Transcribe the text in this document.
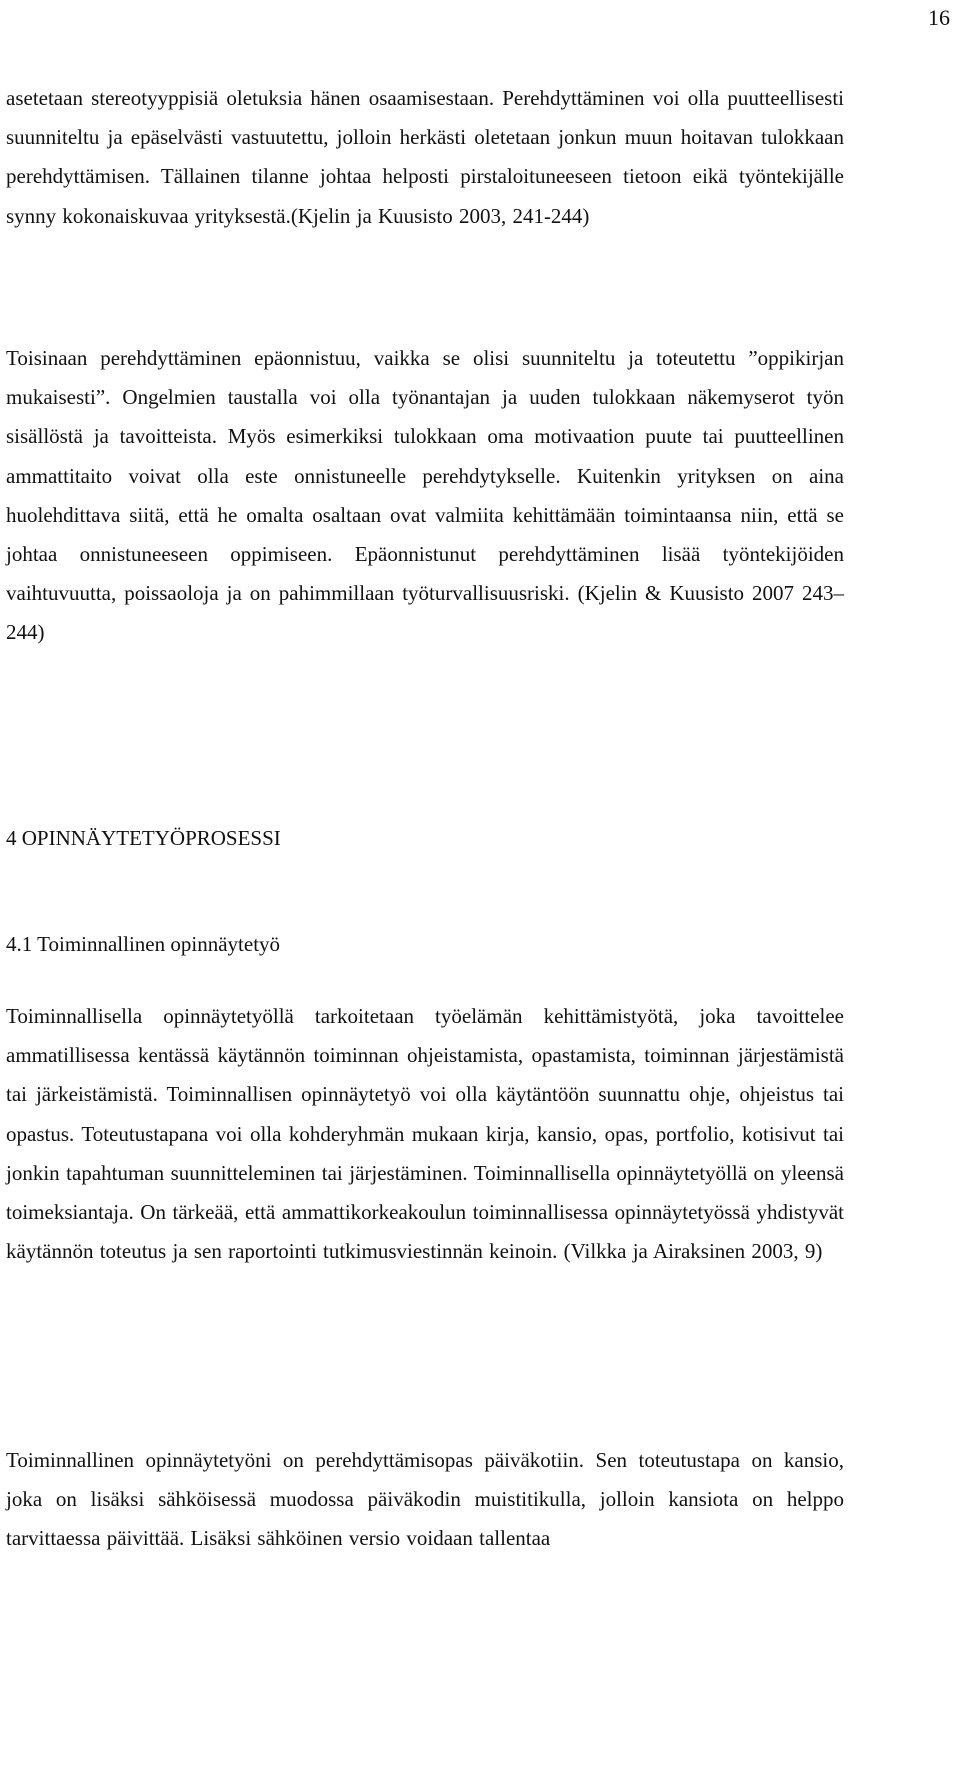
16

asetetaan stereotyyppisiä oletuksia hänen osaamisestaan. Perehdyttäminen voi olla puutteellisesti suunniteltu ja epäselvästi vastuutettu, jolloin herkästi oletetaan jonkun muun hoitavan tulokkaan perehdyttämisen. Tällainen tilanne johtaa helposti pirstaloituneeseen tietoon eikä työntekijälle synny kokonaiskuvaa yrityksestä.(Kjelin ja Kuusisto 2003, 241-244)

Toisinaan perehdyttäminen epäonnistuu, vaikka se olisi suunniteltu ja toteutettu ”oppikirjan mukaisesti”. Ongelmien taustalla voi olla työnantajan ja uuden tulokkaan näkemyserot työn sisällöstä ja tavoitteista. Myös esimerkiksi tulokkaan oma motivaation puute tai puutteellinen ammattitaito voivat olla este onnistuneelle perehdytykselle. Kuitenkin yrityksen on aina huolehdittava siitä, että he omalta osaltaan ovat valmiita kehittämään toimintaansa niin, että se johtaa onnistuneeseen oppimiseen. Epäonnistunut perehdyttäminen lisää työntekijöiden vaihtuvuutta, poissaoloja ja on pahimmillaan työturvallisuusriski. (Kjelin & Kuusisto 2007 243–244)

4 OPINNÄYTETYÖPROSESSI
4.1 Toiminnallinen opinnäytetyö

Toiminnallisella opinnäytetyöllä tarkoitetaan työelämän kehittämistyötä, joka tavoittelee ammatillisessa kentässä käytännön toiminnan ohjeistamista, opastamista, toiminnan järjestämistä tai järkeistämistä. Toiminnallisen opinnäytetyö voi olla käytäntöön suunnattu ohje, ohjeistus tai opastus. Toteutustapana voi olla kohderyhmän mukaan kirja, kansio, opas, portfolio, kotisivut tai jonkin tapahtuman suunnitteleminen tai järjestäminen. Toiminnallisella opinnäytetyöllä on yleensä toimeksiantaja. On tärkeää, että ammattikorkeakoulun toiminnallisessa opinnäytetyössä yhdistyvät käytännön toteutus ja sen raportointi tutkimusviestinnän keinoin. (Vilkka ja Airaksinen 2003, 9)

Toiminnallinen opinnäytetyöni on perehdyttämisopas päiväkotiin. Sen toteutustapa on kansio, joka on lisäksi sähköisessä muodossa päiväkodin muistitikulla, jolloin kansiota on helppo tarvittaessa päivittää. Lisäksi sähköinen versio voidaan tallentaa
